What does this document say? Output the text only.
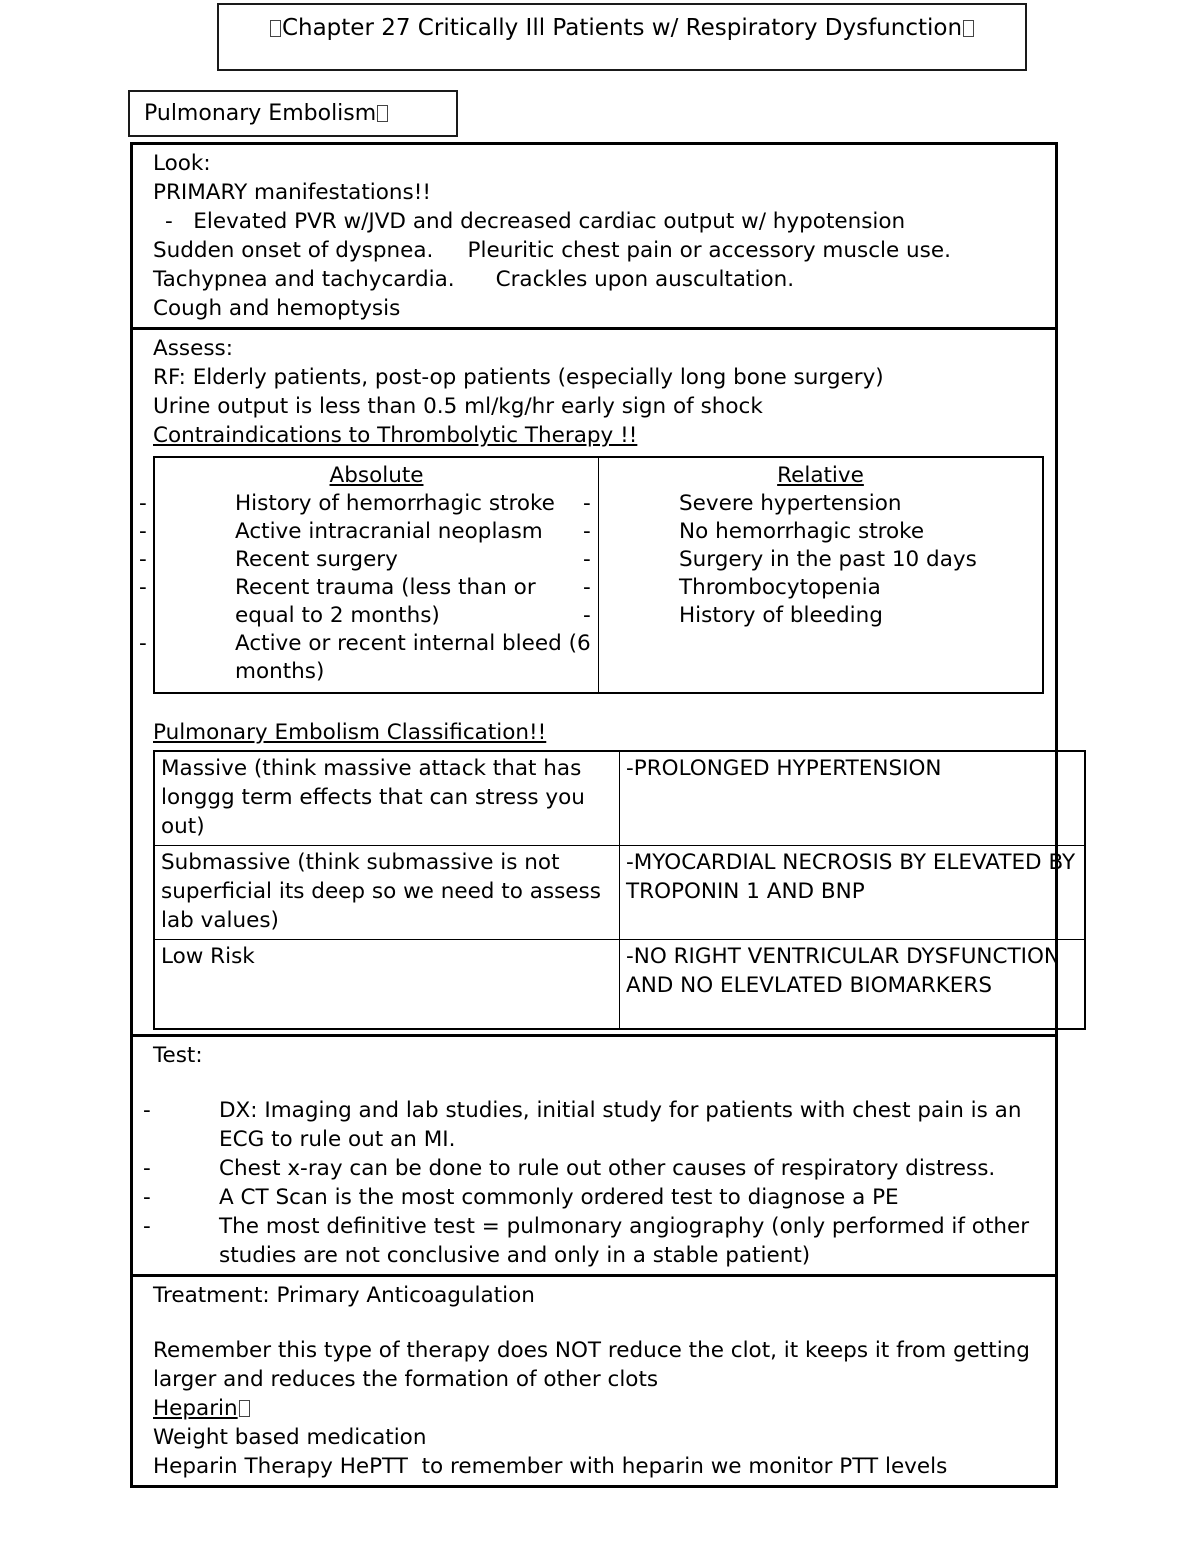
Chapter 27 Critically Ill Patients w/ Respiratory Dysfunction
Pulmonary Embolism
Look:
PRIMARY manifestations!!
- Elevated PVR w/JVD and decreased cardiac output w/ hypotension
Sudden onset of dyspnea.     Pleuritic chest pain or accessory muscle use.
Tachypnea and tachycardia.      Crackles upon auscultation.
Cough and hemoptysis
Assess:
RF: Elderly patients, post-op patients (especially long bone surgery)
Urine output is less than 0.5 ml/kg/hr early sign of shock
Contraindications to Thrombolytic Therapy !!
Absolute
-	History of hemorrhagic stroke
-	Active intracranial neoplasm
-	Recent surgery
-	Recent trauma (less than or equal to 2 months)
-	Active or recent internal bleed (6 months)

Relative
-	Severe hypertension
-	No hemorrhagic stroke
-	Surgery in the past 10 days
-	Thrombocytopenia
-	History of bleeding
Pulmonary Embolism Classification!!
Massive (think massive attack that has longgg term effects that can stress you out)	-PROLONGED HYPERTENSION
Submassive (think submassive is not superficial its deep so we need to assess lab values)	-MYOCARDIAL NECROSIS BY ELEVATED BY TROPONIN 1 AND BNP
Low Risk	-NO RIGHT VENTRICULAR DYSFUNCTION AND NO ELEVLATED BIOMARKERS
Test:
-	DX: Imaging and lab studies, initial study for patients with chest pain is an ECG to rule out an MI.
-	Chest x-ray can be done to rule out other causes of respiratory distress.
-	A CT Scan is the most commonly ordered test to diagnose a PE
-	The most definitive test = pulmonary angiography (only performed if other studies are not conclusive and only in a stable patient)
Treatment: Primary Anticoagulation
Remember this type of therapy does NOT reduce the clot, it keeps it from getting larger and reduces the formation of other clots
Heparin
Weight based medication
Heparin Therapy HePTT  to remember with heparin we monitor PTT levels
